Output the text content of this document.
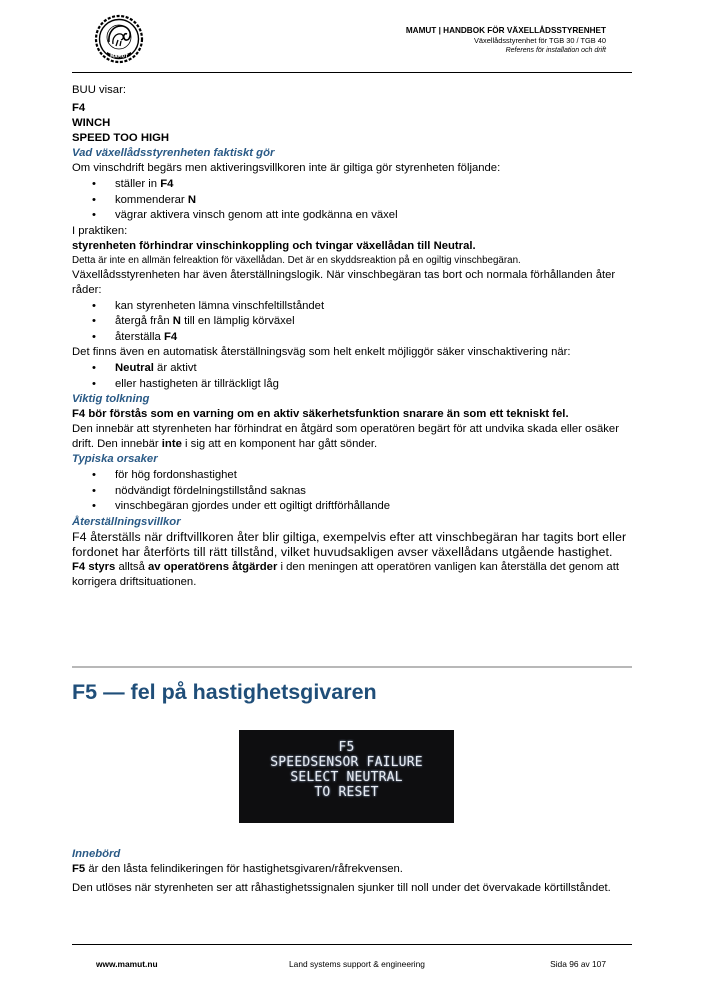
MAMUT
MAMUT | HANDBOK FÖR VÄXELLÅDSSTYRENHET
Växellådsstyrenhet för TGB 30 / TGB 40
Referens för installation och drift

BUU visar:

F4

WINCH

SPEED TOO HIGH

Vad växellådsstyrenheten faktiskt gör

Om vinschdrift begärs men aktiveringsvillkoren inte är giltiga gör styrenheten följande:

• ställer in F4
• kommenderar N
• vägrar aktivera vinsch genom att inte godkänna en växel

I praktiken:

styrenheten förhindrar vinschinkoppling och tvingar växellådan till Neutral.

Detta är inte en allmän felreaktion för växellådan. Det är en skyddsreaktion på en ogiltig vinschbegäran.

Växellådsstyrenheten har även återställningslogik. När vinschbegäran tas bort och normala förhållanden åter råder:

• kan styrenheten lämna vinschfeltillståndet
• återgå från N till en lämplig körväxel
• återställa F4

Det finns även en automatisk återställningsväg som helt enkelt möjliggör säker vinschaktivering när:

• Neutral är aktivt
• eller hastigheten är tillräckligt låg

Viktig tolkning

F4 bör förstås som en varning om en aktiv säkerhetsfunktion snarare än som ett tekniskt fel.

Den innebär att styrenheten har förhindrat en åtgärd som operatören begärt för att undvika skada eller osäker drift. Den innebär inte i sig att en komponent har gått sönder.

Typiska orsaker

• för hög fordonshastighet
• nödvändigt fördelningstillstånd saknas
• vinschbegäran gjordes under ett ogiltigt driftförhållande

Återställningsvillkor

F4 återställs när driftvillkoren åter blir giltiga, exempelvis efter att vinschbegäran har tagits bort eller fordonet har återförts till rätt tillstånd, vilket huvudsakligen avser växellådans utgående hastighet.

F4 styrs alltså av operatörens åtgärder i den meningen att operatören vanligen kan återställa det genom att korrigera driftsituationen.

F5 — fel på hastighetsgivaren
F5
SPEEDSENSOR FAILURE
SELECT NEUTRAL
TO RESET

Innebörd

F5 är den låsta felindikeringen för hastighetsgivaren/råfrekvensen.

Den utlöses när styrenheten ser att råhastighetssignalen sjunker till noll under det övervakade körtillståndet.

www.mamut.nu	Land systems support & engineering	Sida 96 av 107
